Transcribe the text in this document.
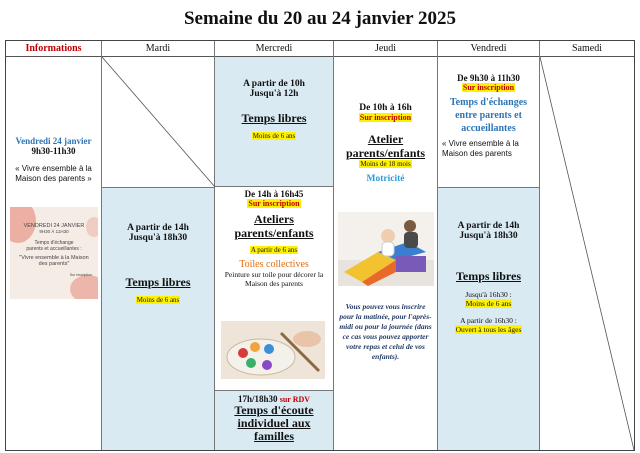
Semaine du 20 au 24 janvier 2025
Informations
Vendredi 24 janvier
9h30-11h30
« Vivre ensemble à la Maison des parents »
VENDREDI 24 JANVIER
9H30 À 11H30
Temps d'échange
parents et accueillantes :
"Vivre ensemble à la Maison des parents"
Sur inscription
Mardi
A partir de 14h
Jusqu'à 18h30
Temps libres
Moins de 6 ans
Mercredi
A partir de 10h
Jusqu'à 12h
Temps libres
Moins de 6 ans
De 14h à 16h45
Sur inscription
Ateliers parents/enfants
A partir de 6 ans
Toiles collectives
Peinture sur toile pour décorer la Maison des parents
17h/18h30 sur RDV
Temps d'écoute individuel aux familles
Jeudi
De 10h à 16h
Sur inscription
Atelier parents/enfants
Moins de 18 mois
Motricité
Vous pouvez vous inscrire pour la matinée, pour l'après-midi ou pour la journée (dans ce cas vous pouvez apporter votre repas et celui de vos enfants).
Vendredi
De 9h30 à 11h30
Sur inscription
Temps d'échanges entre parents et accueillantes
« Vivre ensemble à la Maison des parents
A partir de 14h
Jusqu'à 18h30
Temps libres
Jusqu'à 16h30 :
Moins de 6 ans
A partir de 16h30 :
Ouvert à tous les âges
Samedi
